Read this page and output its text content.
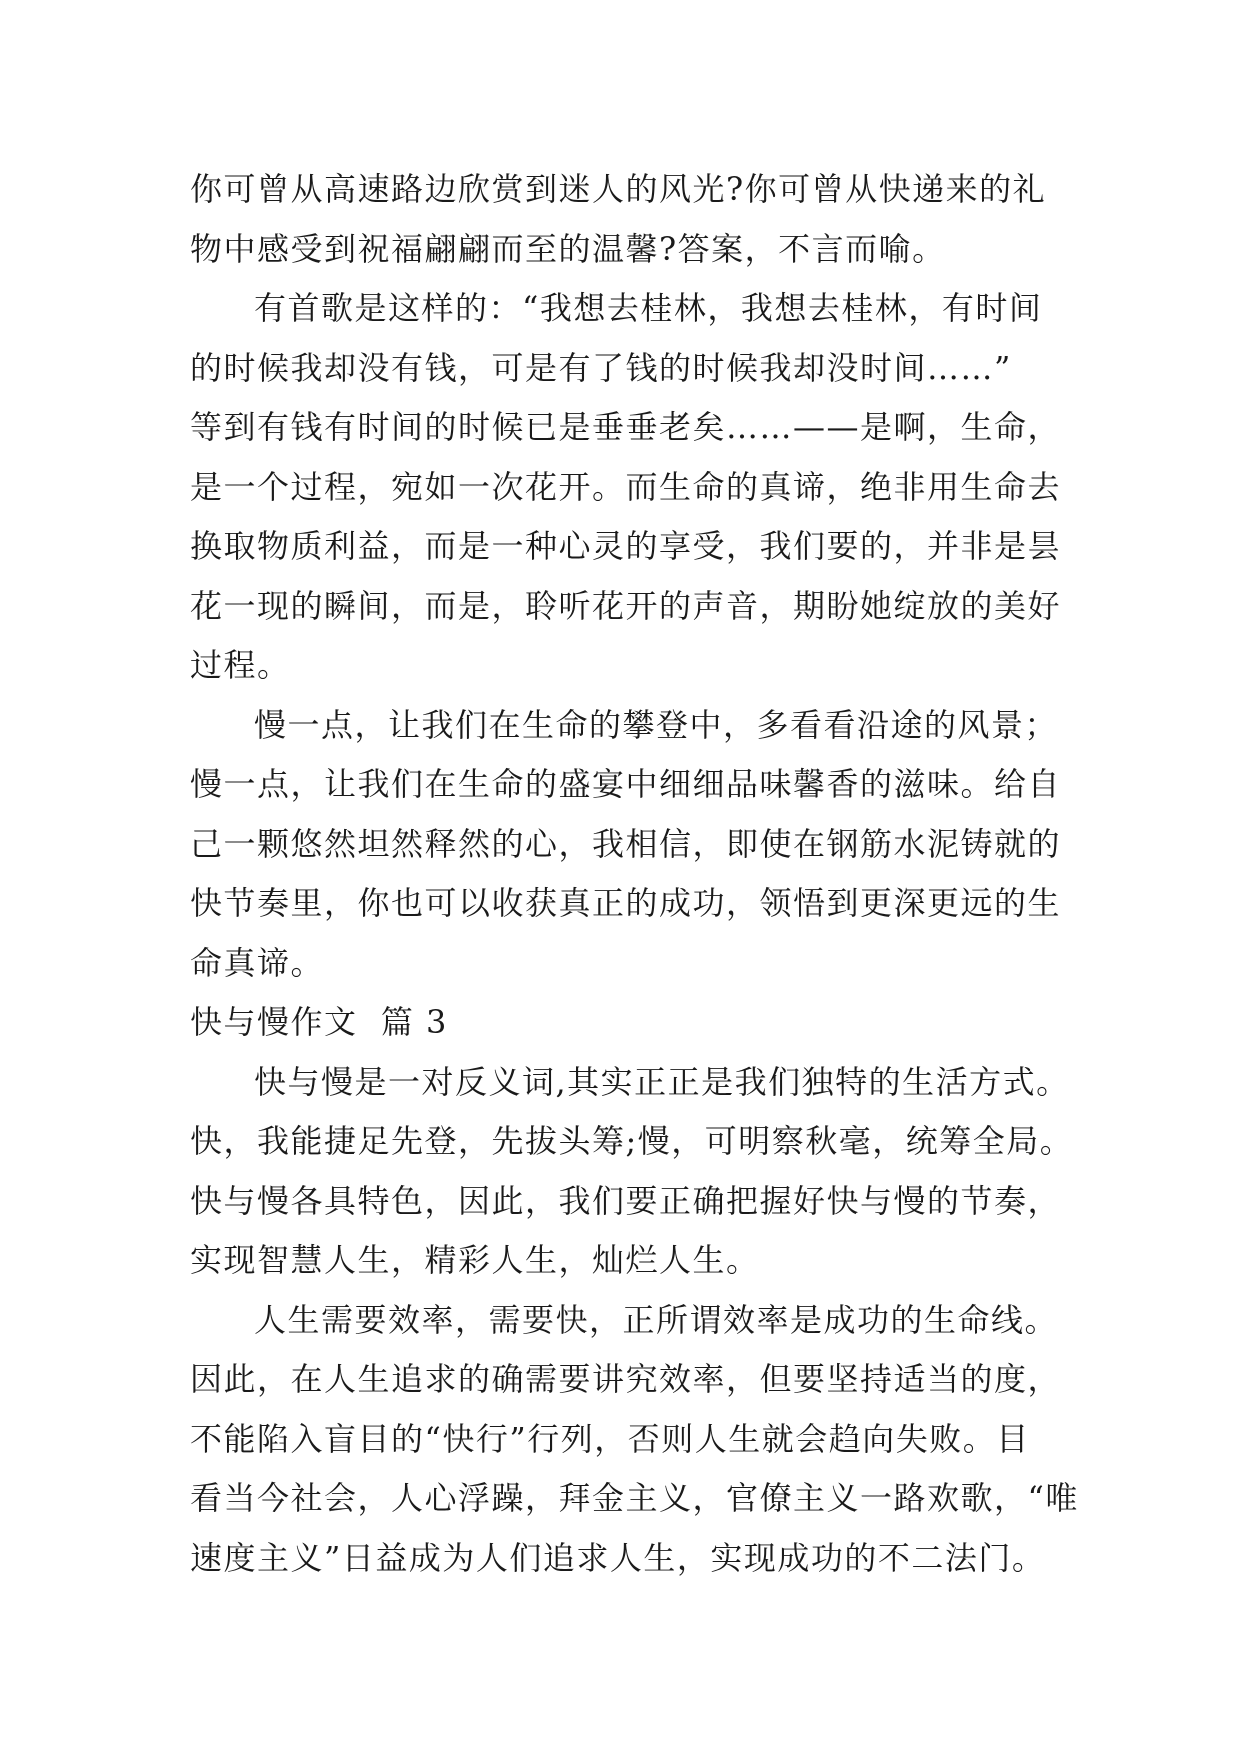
你可曾从高速路边欣赏到迷人的风光?你可曾从快递来的礼
物中感受到祝福翩翩而至的温馨?答案，不言而喻。
有首歌是这样的：“我想去桂林，我想去桂林，有时间
的时候我却没有钱，可是有了钱的时候我却没时间……”
等到有钱有时间的时候已是垂垂老矣……——是啊，生命，
是一个过程，宛如一次花开。而生命的真谛，绝非用生命去
换取物质利益，而是一种心灵的享受，我们要的，并非是昙
花一现的瞬间，而是，聆听花开的声音，期盼她绽放的美好
过程。
慢一点，让我们在生命的攀登中，多看看沿途的风景；
慢一点，让我们在生命的盛宴中细细品味馨香的滋味。给自
己一颗悠然坦然释然的心，我相信，即使在钢筋水泥铸就的
快节奏里，你也可以收获真正的成功，领悟到更深更远的生
命真谛。
快与慢作文  篇 3
快与慢是一对反义词,其实正正是我们独特的生活方式。
快，我能捷足先登，先拔头筹;慢，可明察秋毫，统筹全局。
快与慢各具特色，因此，我们要正确把握好快与慢的节奏，
实现智慧人生，精彩人生，灿烂人生。
人生需要效率，需要快，正所谓效率是成功的生命线。
因此，在人生追求的确需要讲究效率，但要坚持适当的度，
不能陷入盲目的“快行”行列，否则人生就会趋向失败。目
看当今社会，人心浮躁，拜金主义，官僚主义一路欢歌，“唯
速度主义”日益成为人们追求人生，实现成功的不二法门。
